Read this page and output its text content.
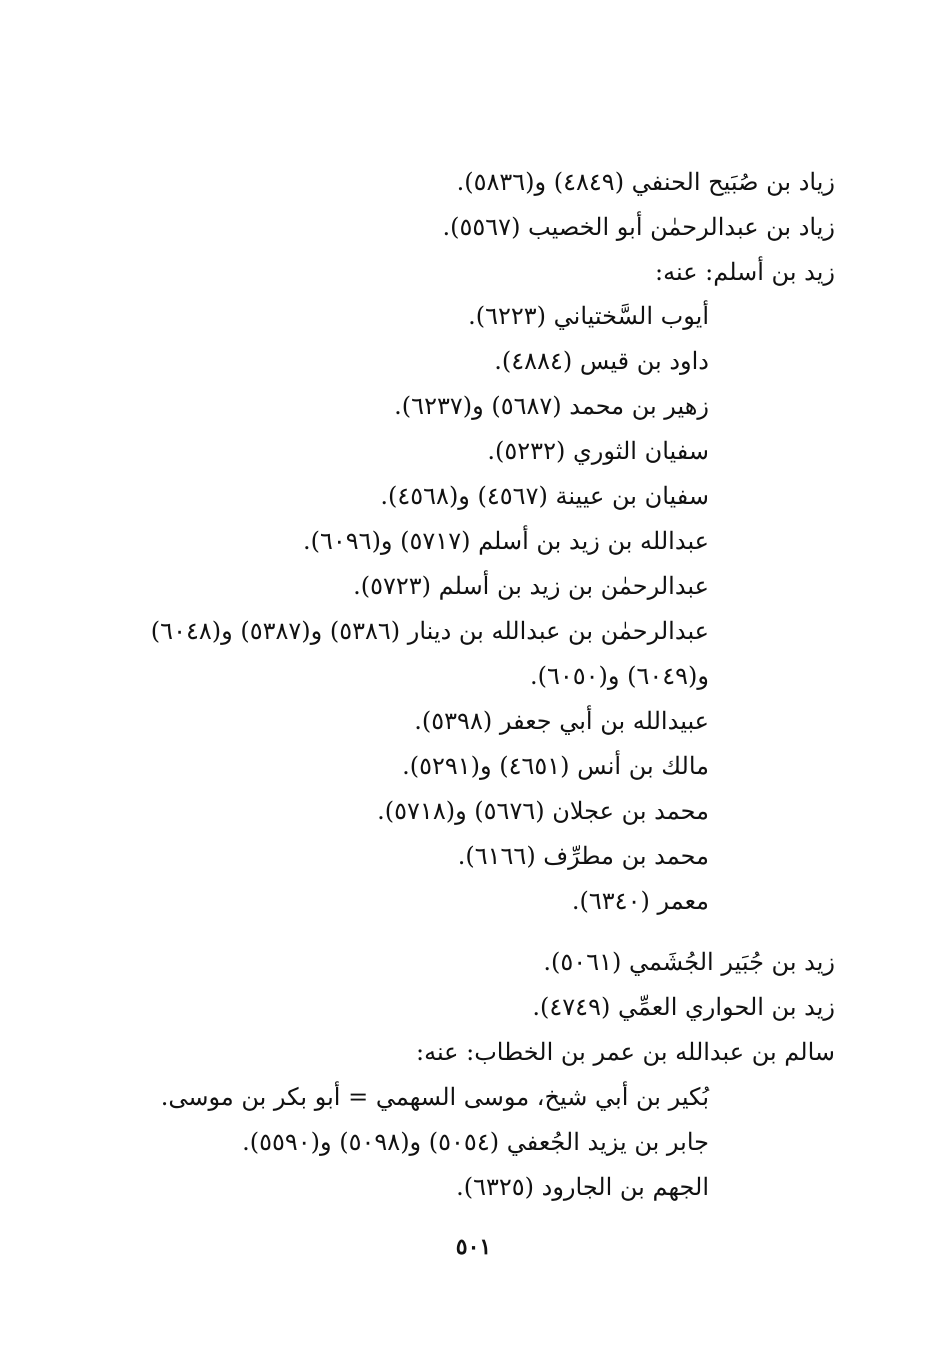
زياد بن صُبَيح الحنفي (٤٨٤٩) و(٥٨٣٦).
زياد بن عبدالرحمٰن أبو الخصيب (٥٥٦٧).
زيد بن أسلم: عنه:
أيوب السَّختياني (٦٢٢٣).
داود بن قيس (٤٨٨٤).
زهير بن محمد (٥٦٨٧) و(٦٢٣٧).
سفيان الثوري (٥٢٣٢).
سفيان بن عيينة (٤٥٦٧) و(٤٥٦٨).
عبدالله بن زيد بن أسلم (٥٧١٧) و(٦٠٩٦).
عبدالرحمٰن بن زيد بن أسلم (٥٧٢٣).
عبدالرحمٰن بن عبدالله بن دينار (٥٣٨٦) و(٥٣٨٧) و(٦٠٤٨)
و(٦٠٤٩) و(٦٠٥٠).
عبيدالله بن أبي جعفر (٥٣٩٨).
مالك بن أنس (٤٦٥١) و(٥٢٩١).
محمد بن عجلان (٥٦٧٦) و(٥٧١٨).
محمد بن مطرِّف (٦١٦٦).
معمر (٦٣٤٠).
زيد بن جُبَير الجُشَمي (٥٠٦١).
زيد بن الحواري العمِّي (٤٧٤٩).
سالم بن عبدالله بن عمر بن الخطاب: عنه:
بُكير بن أبي شيخ، موسى السهمي = أبو بكر بن موسى.
جابر بن يزيد الجُعفي (٥٠٥٤) و(٥٠٩٨) و(٥٥٩٠).
الجهم بن الجارود (٦٣٢٥).
٥٠١
